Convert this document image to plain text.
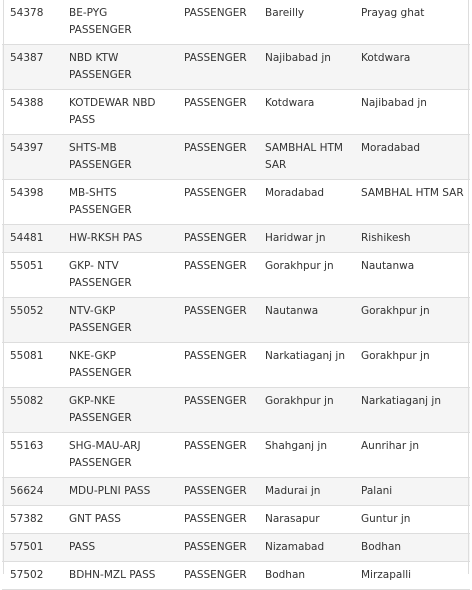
54378	BE-PYG PASSENGER	PASSENGER	Bareilly	Prayag ghat
54387	NBD KTW PASSENGER	PASSENGER	Najibabad jn	Kotdwara
54388	KOTDEWAR NBD PASS	PASSENGER	Kotdwara	Najibabad jn
54397	SHTS-MB PASSENGER	PASSENGER	SAMBHAL HTM SAR	Moradabad
54398	MB-SHTS PASSENGER	PASSENGER	Moradabad	SAMBHAL HTM SAR
54481	HW-RKSH PAS	PASSENGER	Haridwar jn	Rishikesh
55051	GKP- NTV PASSENGER	PASSENGER	Gorakhpur jn	Nautanwa
55052	NTV-GKP PASSENGER	PASSENGER	Nautanwa	Gorakhpur jn
55081	NKE-GKP PASSENGER	PASSENGER	Narkatiaganj jn	Gorakhpur jn
55082	GKP-NKE PASSENGER	PASSENGER	Gorakhpur jn	Narkatiaganj jn
55163	SHG-MAU-ARJ PASSENGER	PASSENGER	Shahganj jn	Aunrihar jn
56624	MDU-PLNI PASS	PASSENGER	Madurai jn	Palani
57382	GNT PASS	PASSENGER	Narasapur	Guntur jn
57501	PASS	PASSENGER	Nizamabad	Bodhan
57502	BDHN-MZL PASS	PASSENGER	Bodhan	Mirzapalli
